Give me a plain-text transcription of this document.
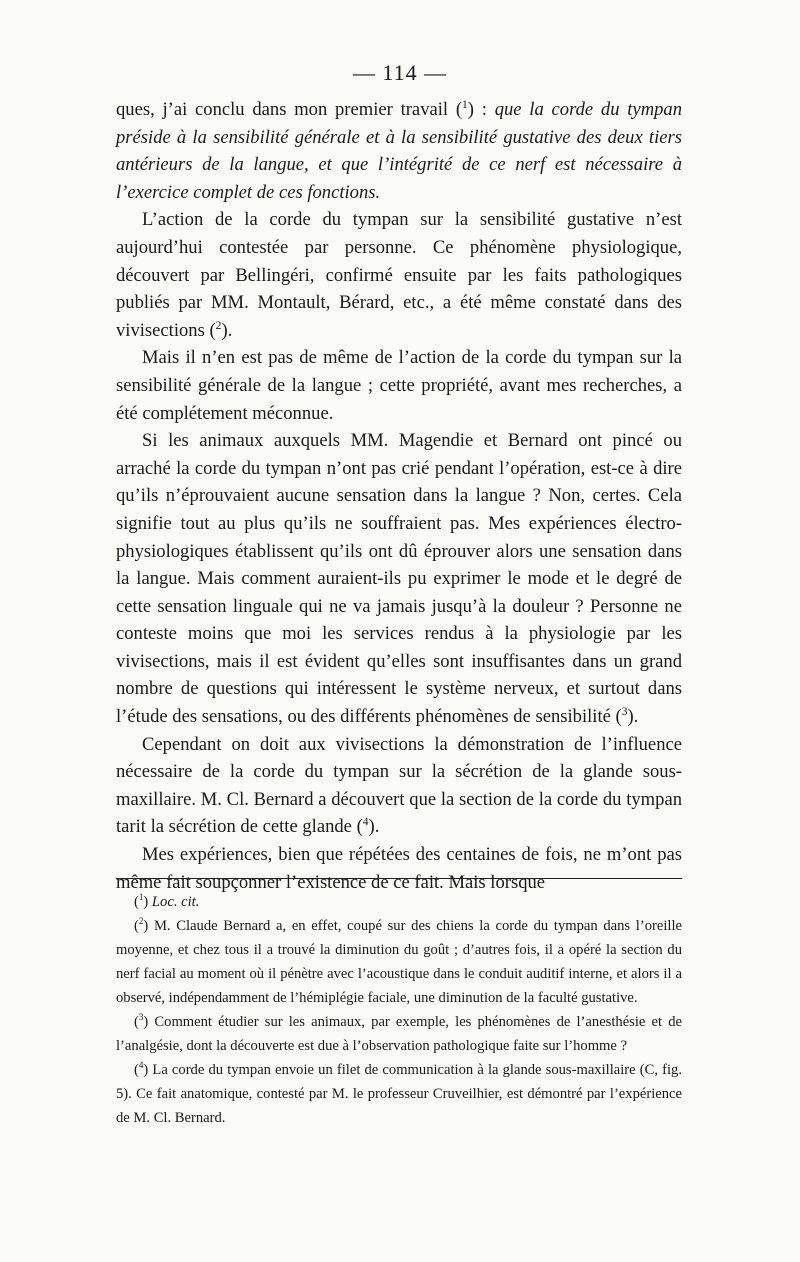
— 114 —

ques, j’ai conclu dans mon premier travail ($^1$) : que la corde du tympan préside à la sensibilité générale et à la sensibilité gustative des deux tiers antérieurs de la langue, et que l’intégrité de ce nerf est nécessaire à l’exercice complet de ces fonctions.

L’action de la corde du tympan sur la sensibilité gustative n’est aujourd’hui contestée par personne. Ce phénomène physiologique, découvert par Bellingéri, confirmé ensuite par les faits pathologiques publiés par MM. Montault, Bérard, etc., a été même constaté dans des vivisections ($^2$).

Mais il n’en est pas de même de l’action de la corde du tympan sur la sensibilité générale de la langue ; cette propriété, avant mes recherches, a été complétement méconnue.

Si les animaux auxquels MM. Magendie et Bernard ont pincé ou arraché la corde du tympan n’ont pas crié pendant l’opération, est-ce à dire qu’ils n’éprouvaient aucune sensation dans la langue ? Non, certes. Cela signifie tout au plus qu’ils ne souffraient pas. Mes expériences électro-physiologiques établissent qu’ils ont dû éprouver alors une sensation dans la langue. Mais comment auraient-ils pu exprimer le mode et le degré de cette sensation linguale qui ne va jamais jusqu’à la douleur ? Personne ne conteste moins que moi les services rendus à la physiologie par les vivisections, mais il est évident qu’elles sont insuffisantes dans un grand nombre de questions qui intéressent le système nerveux, et surtout dans l’étude des sensations, ou des différents phénomènes de sensibilité ($^3$).

Cependant on doit aux vivisections la démonstration de l’influence nécessaire de la corde du tympan sur la sécrétion de la glande sous-maxillaire. M. Cl. Bernard a découvert que la section de la corde du tympan tarit la sécrétion de cette glande ($^4$).

Mes expériences, bien que répétées des centaines de fois, ne m’ont pas même fait soupçonner l’existence de ce fait. Mais lorsque

($^1$) Loc. cit.

($^2$) M. Claude Bernard a, en effet, coupé sur des chiens la corde du tympan dans l’oreille moyenne, et chez tous il a trouvé la diminution du goût ; d’autres fois, il a opéré la section du nerf facial au moment où il pénètre avec l’acoustique dans le conduit auditif interne, et alors il a observé, indépendamment de l’hémiplégie faciale, une diminution de la faculté gustative.

($^3$) Comment étudier sur les animaux, par exemple, les phénomènes de l’anesthésie et de l’analgésie, dont la découverte est due à l’observation pathologique faite sur l’homme ?

($^4$) La corde du tympan envoie un filet de communication à la glande sous-maxillaire (C, fig. 5). Ce fait anatomique, contesté par M. le professeur Cruveilhier, est démontré par l’expérience de M. Cl. Bernard.
